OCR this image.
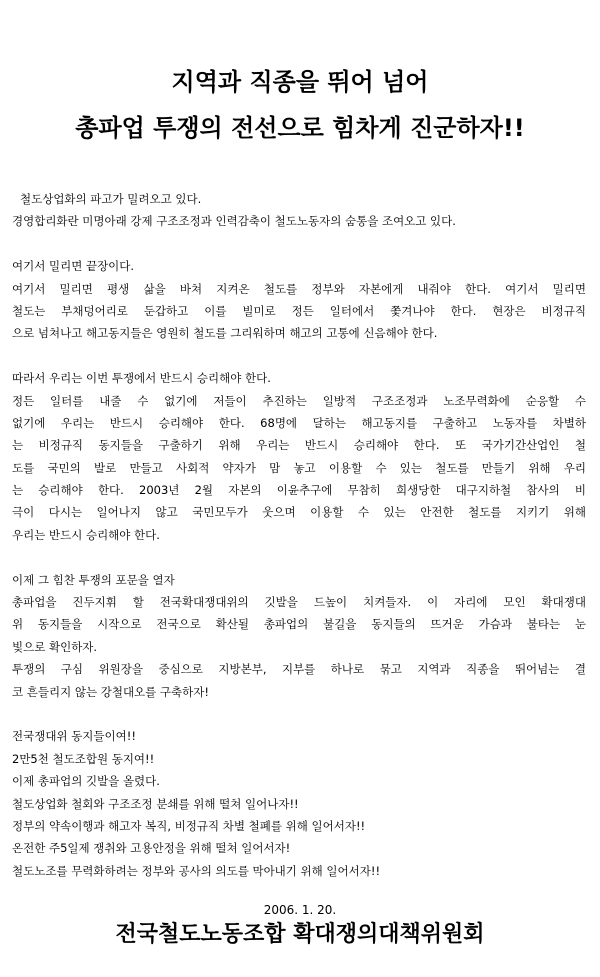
지역과 직종을 뛰어 넘어
총파업 투쟁의 전선으로 힘차게 진군하자!!
철도상업화의 파고가 밀려오고 있다.
경영합리화란 미명아래 강제 구조조정과 인력감축이 철도노동자의 숨통을 조여오고 있다.
여기서 밀리면 끝장이다.
여기서 밀리면 평생 삶을 바쳐 지켜온 철도를 정부와 자본에게 내줘야 한다. 여기서 밀리면
철도는 부채덩어리로 둔갑하고 이를 빌미로 정든 일터에서 쫓겨나야 한다. 현장은 비정규직
으로 넘쳐나고 해고동지들은 영원히 철도를 그리워하며 해고의 고통에 신음해야 한다.
따라서 우리는 이번 투쟁에서 반드시 승리해야 한다.
정든 일터를 내줄 수 없기에 저들이 추진하는 일방적 구조조정과 노조무력화에 순응할 수
없기에 우리는 반드시 승리해야 한다. 68명에 달하는 해고동지를 구출하고 노동자를 차별하
는 비정규직 동지들을 구출하기 위해 우리는 반드시 승리해야 한다. 또 국가기간산업인 철
도를 국민의 발로 만들고 사회적 약자가 맘 놓고 이용할 수 있는 철도를 만들기 위해 우리
는 승리해야 한다. 2003년 2월 자본의 이윤추구에 무참히 희생당한 대구지하철 참사의 비
극이 다시는 일어나지 않고 국민모두가 웃으며 이용할 수 있는 안전한 철도를 지키기 위해
우리는 반드시 승리해야 한다.
이제 그 힘찬 투쟁의 포문을 열자
총파업을 진두지휘 할 전국확대쟁대위의 깃발을 드높이 치켜들자. 이 자리에 모인 확대쟁대
위 동지들을 시작으로 전국으로 확산될 총파업의 불길을 동지들의 뜨거운 가슴과 불타는 눈
빛으로 확인하자.
투쟁의 구심 위원장을 중심으로 지방본부, 지부를 하나로 묶고 지역과 직종을 뛰어넘는 결
코 흔들리지 않는 강철대오를 구축하자!
전국쟁대위 동지들이여!!
2만5천 철도조합원 동지여!!
이제 총파업의 깃발을 올렸다.
철도상업화 철회와 구조조정 분쇄를 위해 떨쳐 일어나자!!
정부의 약속이행과 해고자 복직, 비정규직 차별 철폐를 위해 일어서자!!
온전한 주5일제 쟁취와 고용안정을 위해 떨쳐 일어서자!
철도노조를 무력화하려는 정부와 공사의 의도를 막아내기 위해 일어서자!!
2006. 1. 20.
전국철도노동조합 확대쟁의대책위원회
